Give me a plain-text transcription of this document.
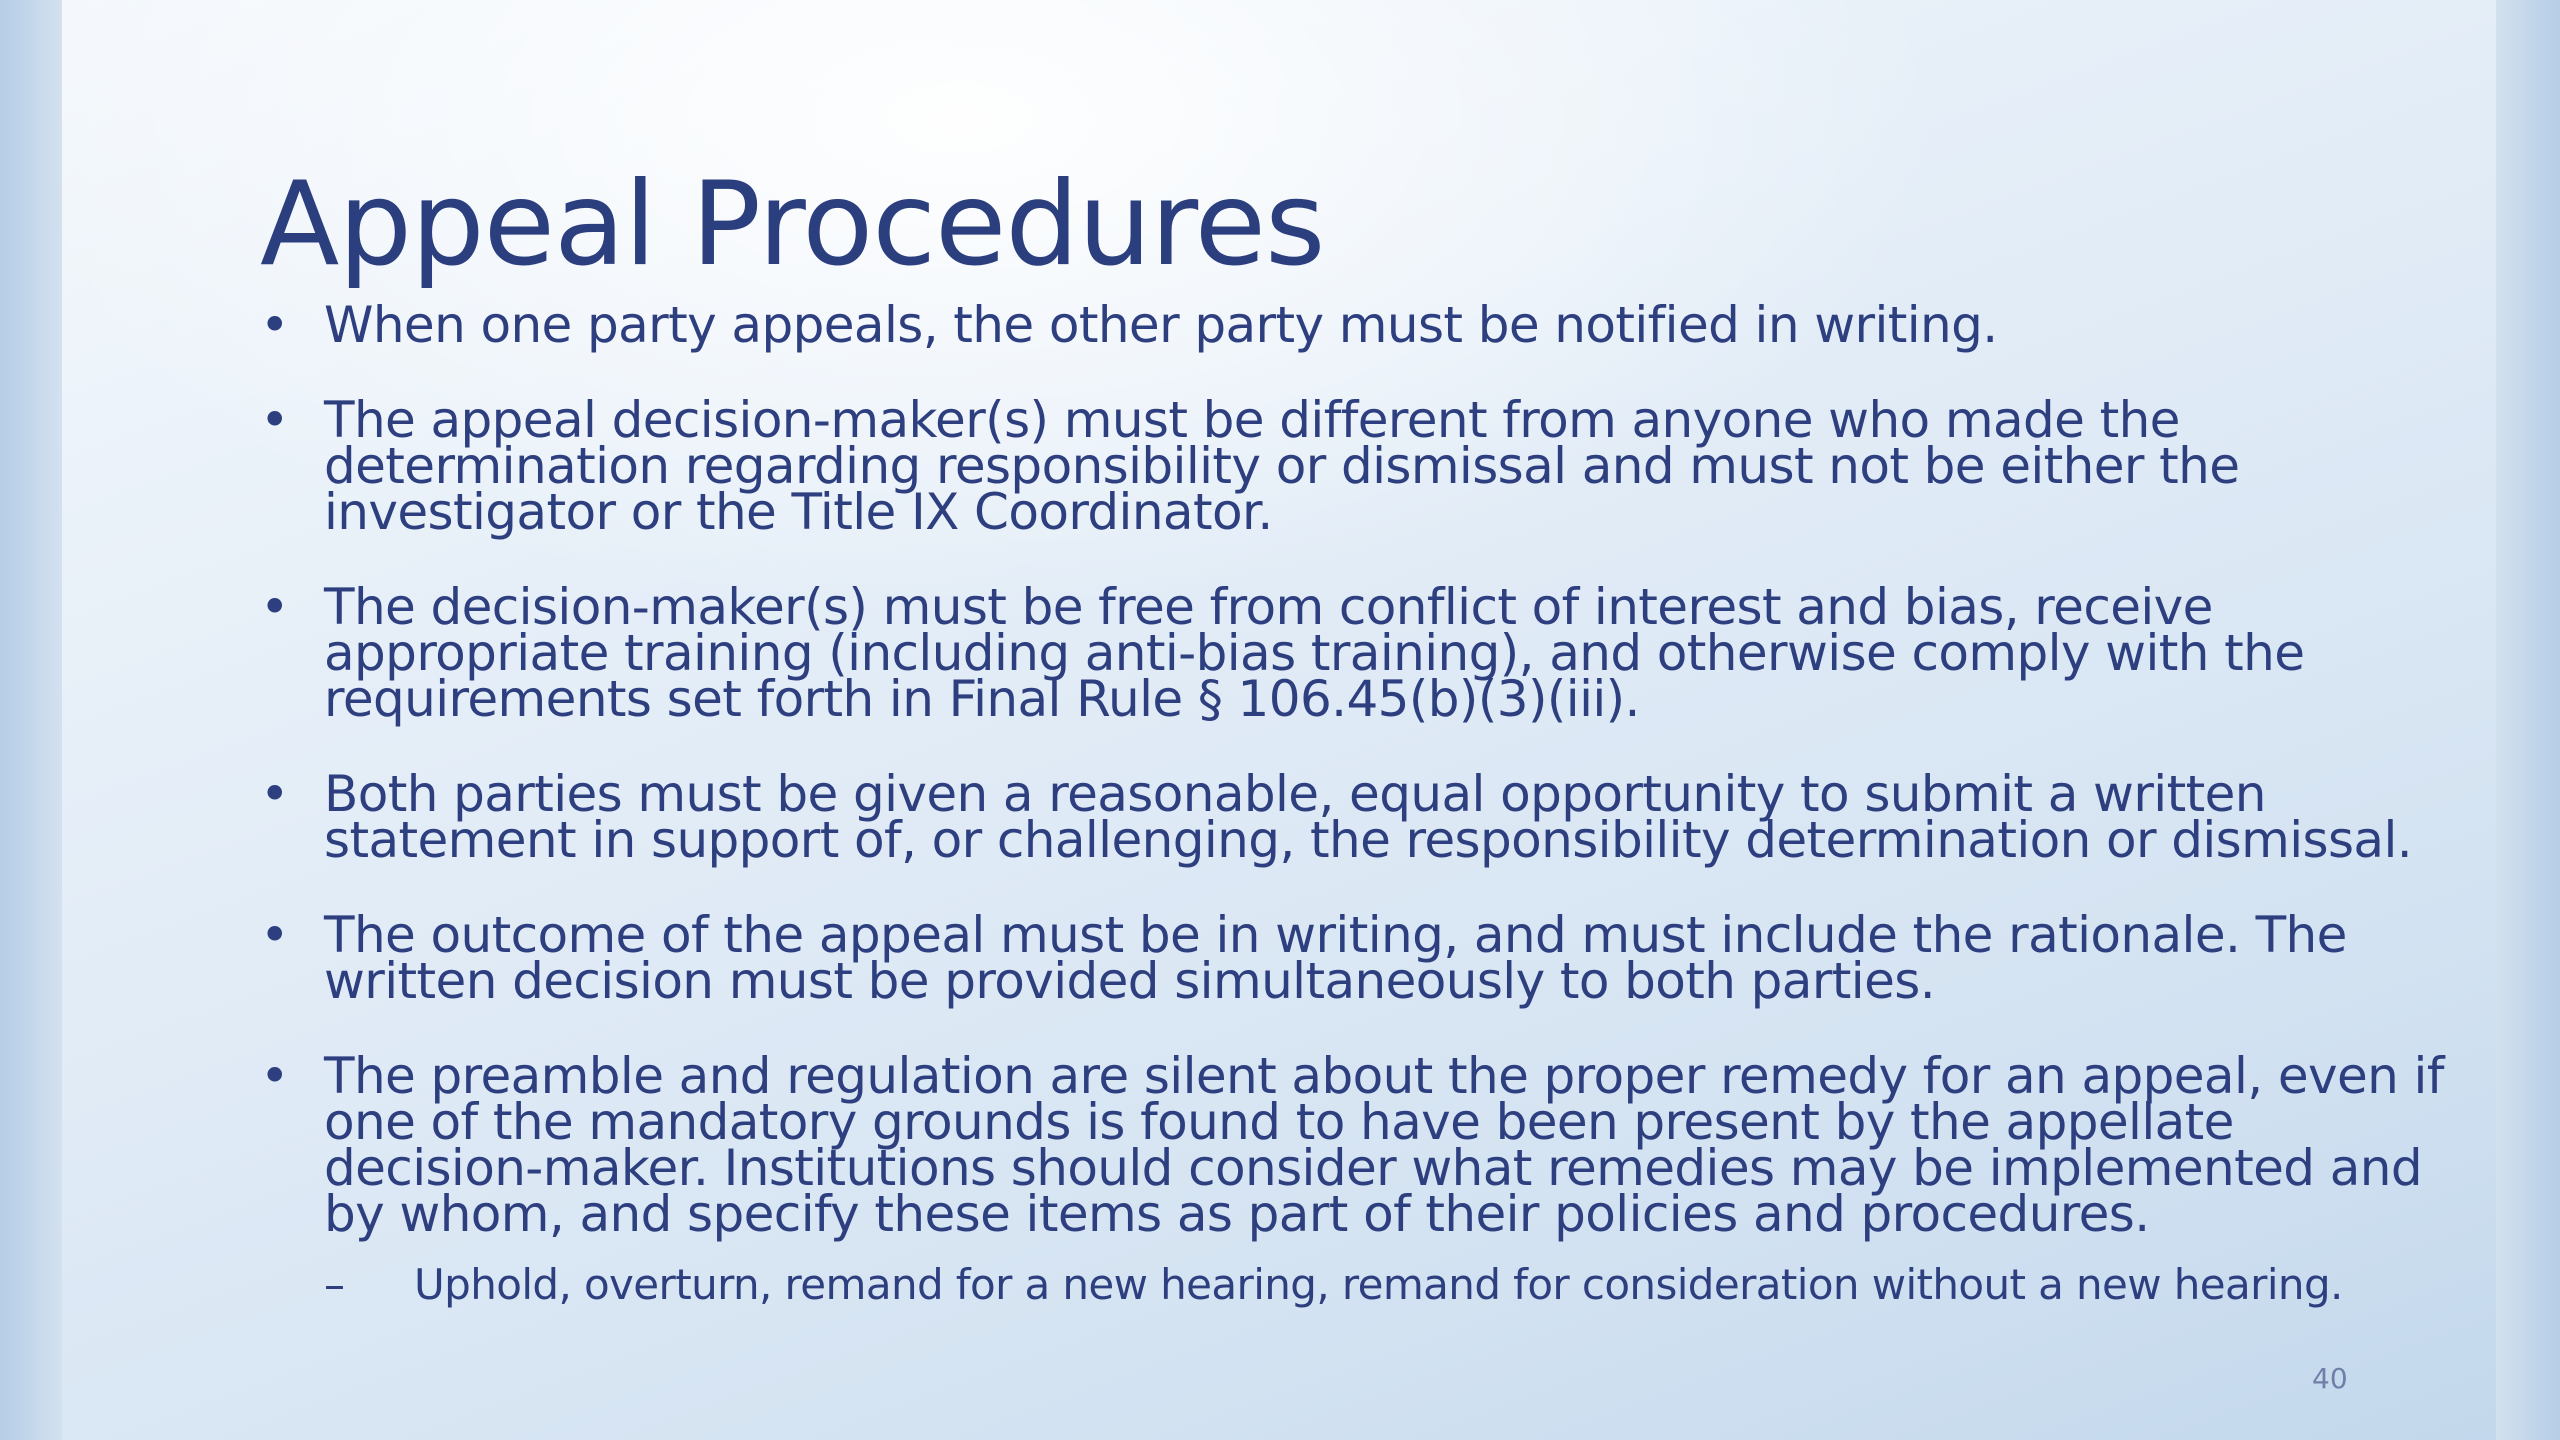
Appeal Procedures
• When one party appeals, the other party must be notified in writing.
• The appeal decision-maker(s) must be different from anyone who made the determination regarding responsibility or dismissal and must not be either the investigator or the Title IX Coordinator.
• The decision-maker(s) must be free from conflict of interest and bias, receive appropriate training (including anti-bias training), and otherwise comply with the requirements set forth in Final Rule § 106.45(b)(3)(iii).
• Both parties must be given a reasonable, equal opportunity to submit a written statement in support of, or challenging, the responsibility determination or dismissal.
• The outcome of the appeal must be in writing, and must include the rationale. The written decision must be provided simultaneously to both parties.
• The preamble and regulation are silent about the proper remedy for an appeal, even if one of the mandatory grounds is found to have been present by the appellate decision-maker. Institutions should consider what remedies may be implemented and by whom, and specify these items as part of their policies and procedures.
– Uphold, overturn, remand for a new hearing, remand for consideration without a new hearing.
40
